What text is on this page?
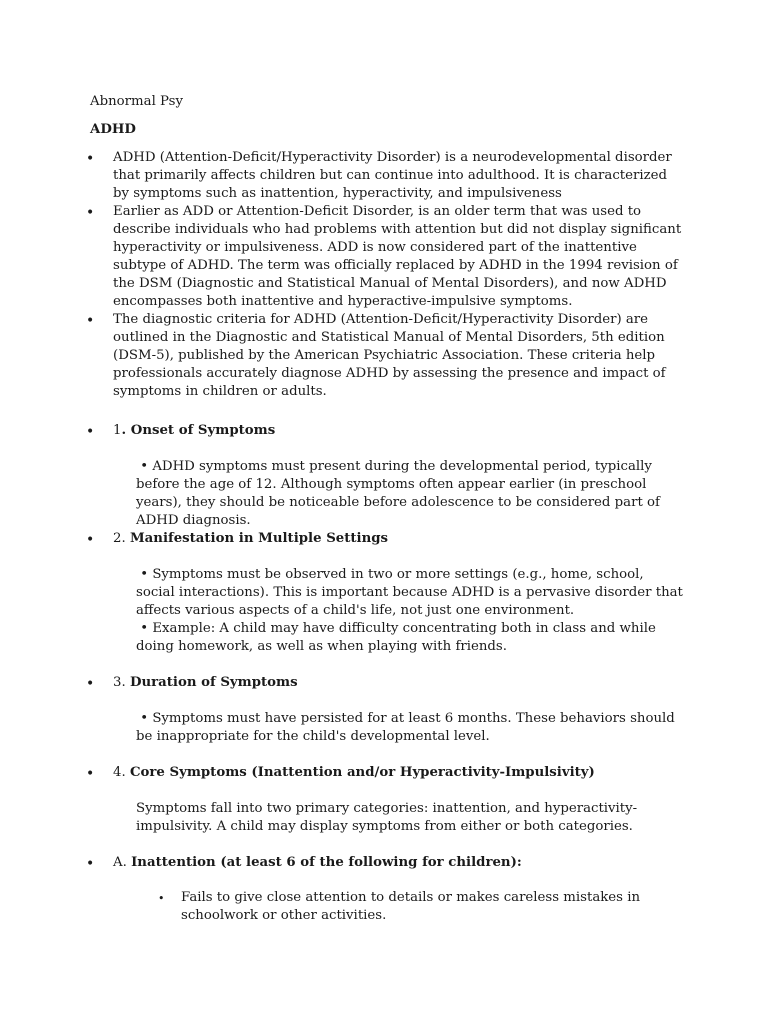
Abnormal Psy
ADHD
• ADHD (Attention-Deficit/Hyperactivity Disorder) is a neurodevelopmental disorder that primarily affects children but can continue into adulthood. It is characterized by symptoms such as inattention, hyperactivity, and impulsiveness
• Earlier as ADD or Attention-Deficit Disorder, is an older term that was used to describe individuals who had problems with attention but did not display significant hyperactivity or impulsiveness. ADD is now considered part of the inattentive subtype of ADHD. The term was officially replaced by ADHD in the 1994 revision of the DSM (Diagnostic and Statistical Manual of Mental Disorders), and now ADHD encompasses both inattentive and hyperactive-impulsive symptoms.
• The diagnostic criteria for ADHD (Attention-Deficit/Hyperactivity Disorder) are outlined in the Diagnostic and Statistical Manual of Mental Disorders, 5th edition (DSM-5), published by the American Psychiatric Association. These criteria help professionals accurately diagnose ADHD by assessing the presence and impact of symptoms in children or adults.
• 1. Onset of Symptoms
• ADHD symptoms must present during the developmental period, typically before the age of 12. Although symptoms often appear earlier (in preschool years), they should be noticeable before adolescence to be considered part of ADHD diagnosis.
• 2. Manifestation in Multiple Settings
• Symptoms must be observed in two or more settings (e.g., home, school, social interactions). This is important because ADHD is a pervasive disorder that affects various aspects of a child's life, not just one environment.
• Example: A child may have difficulty concentrating both in class and while doing homework, as well as when playing with friends.
• 3. Duration of Symptoms
• Symptoms must have persisted for at least 6 months. These behaviors should be inappropriate for the child's developmental level.
• 4. Core Symptoms (Inattention and/or Hyperactivity-Impulsivity)
Symptoms fall into two primary categories: inattention, and hyperactivity-impulsivity. A child may display symptoms from either or both categories.
• A. Inattention (at least 6 of the following for children):
• Fails to give close attention to details or makes careless mistakes in schoolwork or other activities.
